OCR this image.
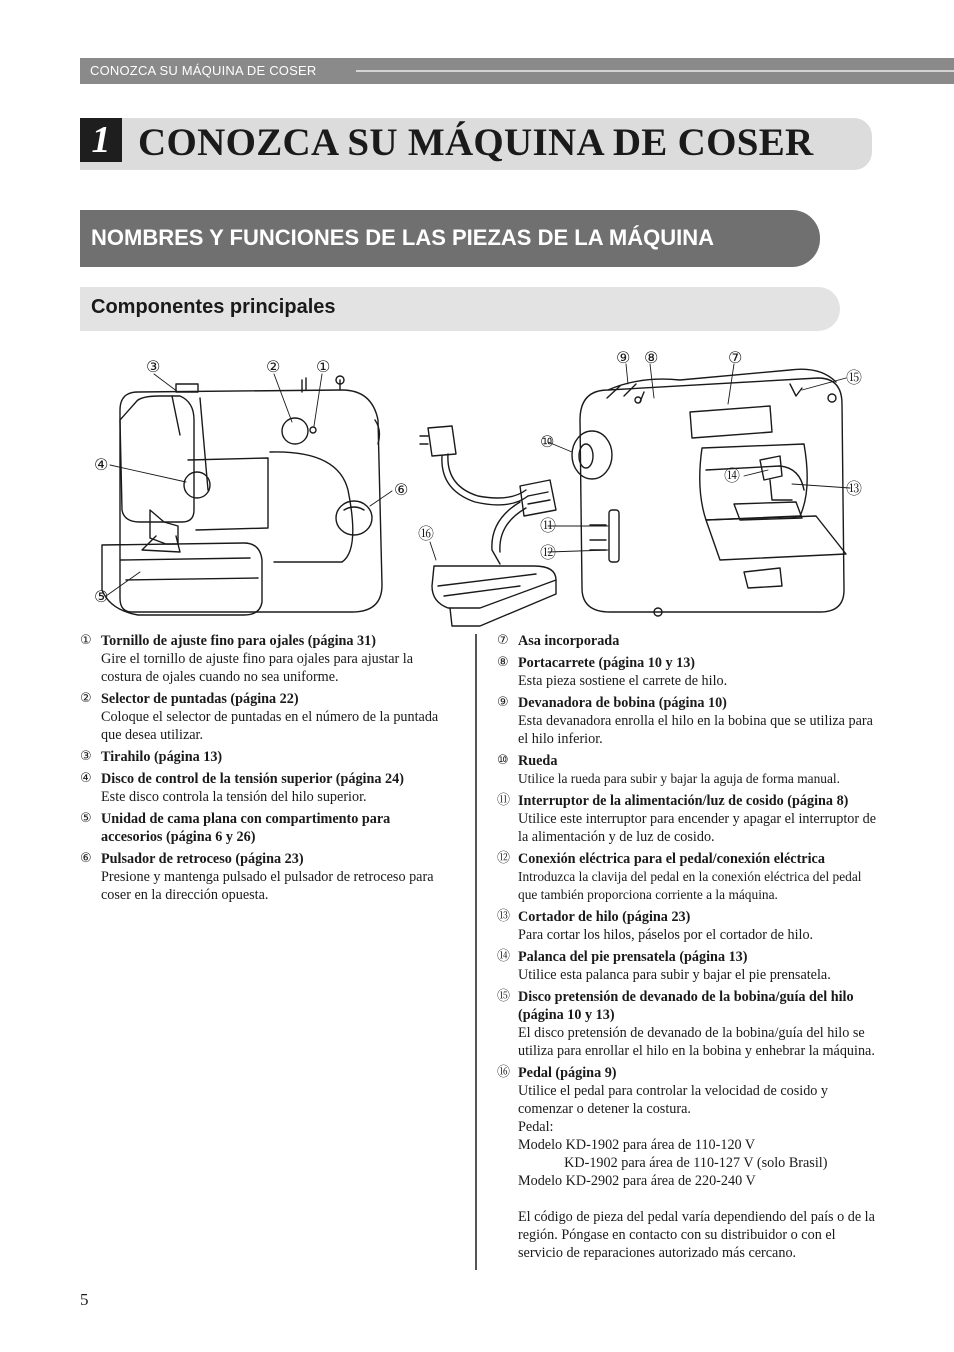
CONOZCA SU MÁQUINA DE COSER
1 CONOZCA SU MÁQUINA DE COSER
NOMBRES Y FUNCIONES DE LAS PIEZAS DE LA MÁQUINA
Componentes principales
③	② ①
④
⑥
⑤
⑯
⑨ ⑧	⑦
⑮
⑩
⑭
⑬
⑪
⑫
① Tornillo de ajuste fino para ojales (página 31)
Gire el tornillo de ajuste fino para ojales para ajustar la costura de ojales cuando no sea uniforme.
② Selector de puntadas (página 22)
Coloque el selector de puntadas en el número de la puntada que desea utilizar.
③ Tirahilo (página 13)
④ Disco de control de la tensión superior (página 24)
Este disco controla la tensión del hilo superior.
⑤ Unidad de cama plana con compartimento para accesorios (página 6 y 26)
⑥ Pulsador de retroceso (página 23)
Presione y mantenga pulsado el pulsador de retroceso para coser en la dirección opuesta.
⑦ Asa incorporada
⑧ Portacarrete (página 10 y 13)
Esta pieza sostiene el carrete de hilo.
⑨ Devanadora de bobina (página 10)
Esta devanadora enrolla el hilo en la bobina que se utiliza para el hilo inferior.
⑩ Rueda
Utilice la rueda para subir y bajar la aguja de forma manual.
⑪ Interruptor de la alimentación/luz de cosido (página 8)
Utilice este interruptor para encender y apagar el interruptor de la alimentación y de luz de cosido.
⑫ Conexión eléctrica para el pedal/conexión eléctrica
Introduzca la clavija del pedal en la conexión eléctrica del pedal que también proporciona corriente a la máquina.
⑬ Cortador de hilo (página 23)
Para cortar los hilos, páselos por el cortador de hilo.
⑭ Palanca del pie prensatela (página 13)
Utilice esta palanca para subir y bajar el pie prensatela.
⑮ Disco pretensión de devanado de la bobina/guía del hilo (página 10 y 13)
El disco pretensión de devanado de la bobina/guía del hilo se utiliza para enrollar el hilo en la bobina y enhebrar la máquina.
⑯ Pedal (página 9)
Utilice el pedal para controlar la velocidad de cosido y comenzar o detener la costura.
Pedal:
Modelo KD-1902 para área de 110-120 V
KD-1902 para área de 110-127 V (solo Brasil)
Modelo KD-2902 para área de 220-240 V

El código de pieza del pedal varía dependiendo del país o de la región. Póngase en contacto con su distribuidor o con el servicio de reparaciones autorizado más cercano.
5
